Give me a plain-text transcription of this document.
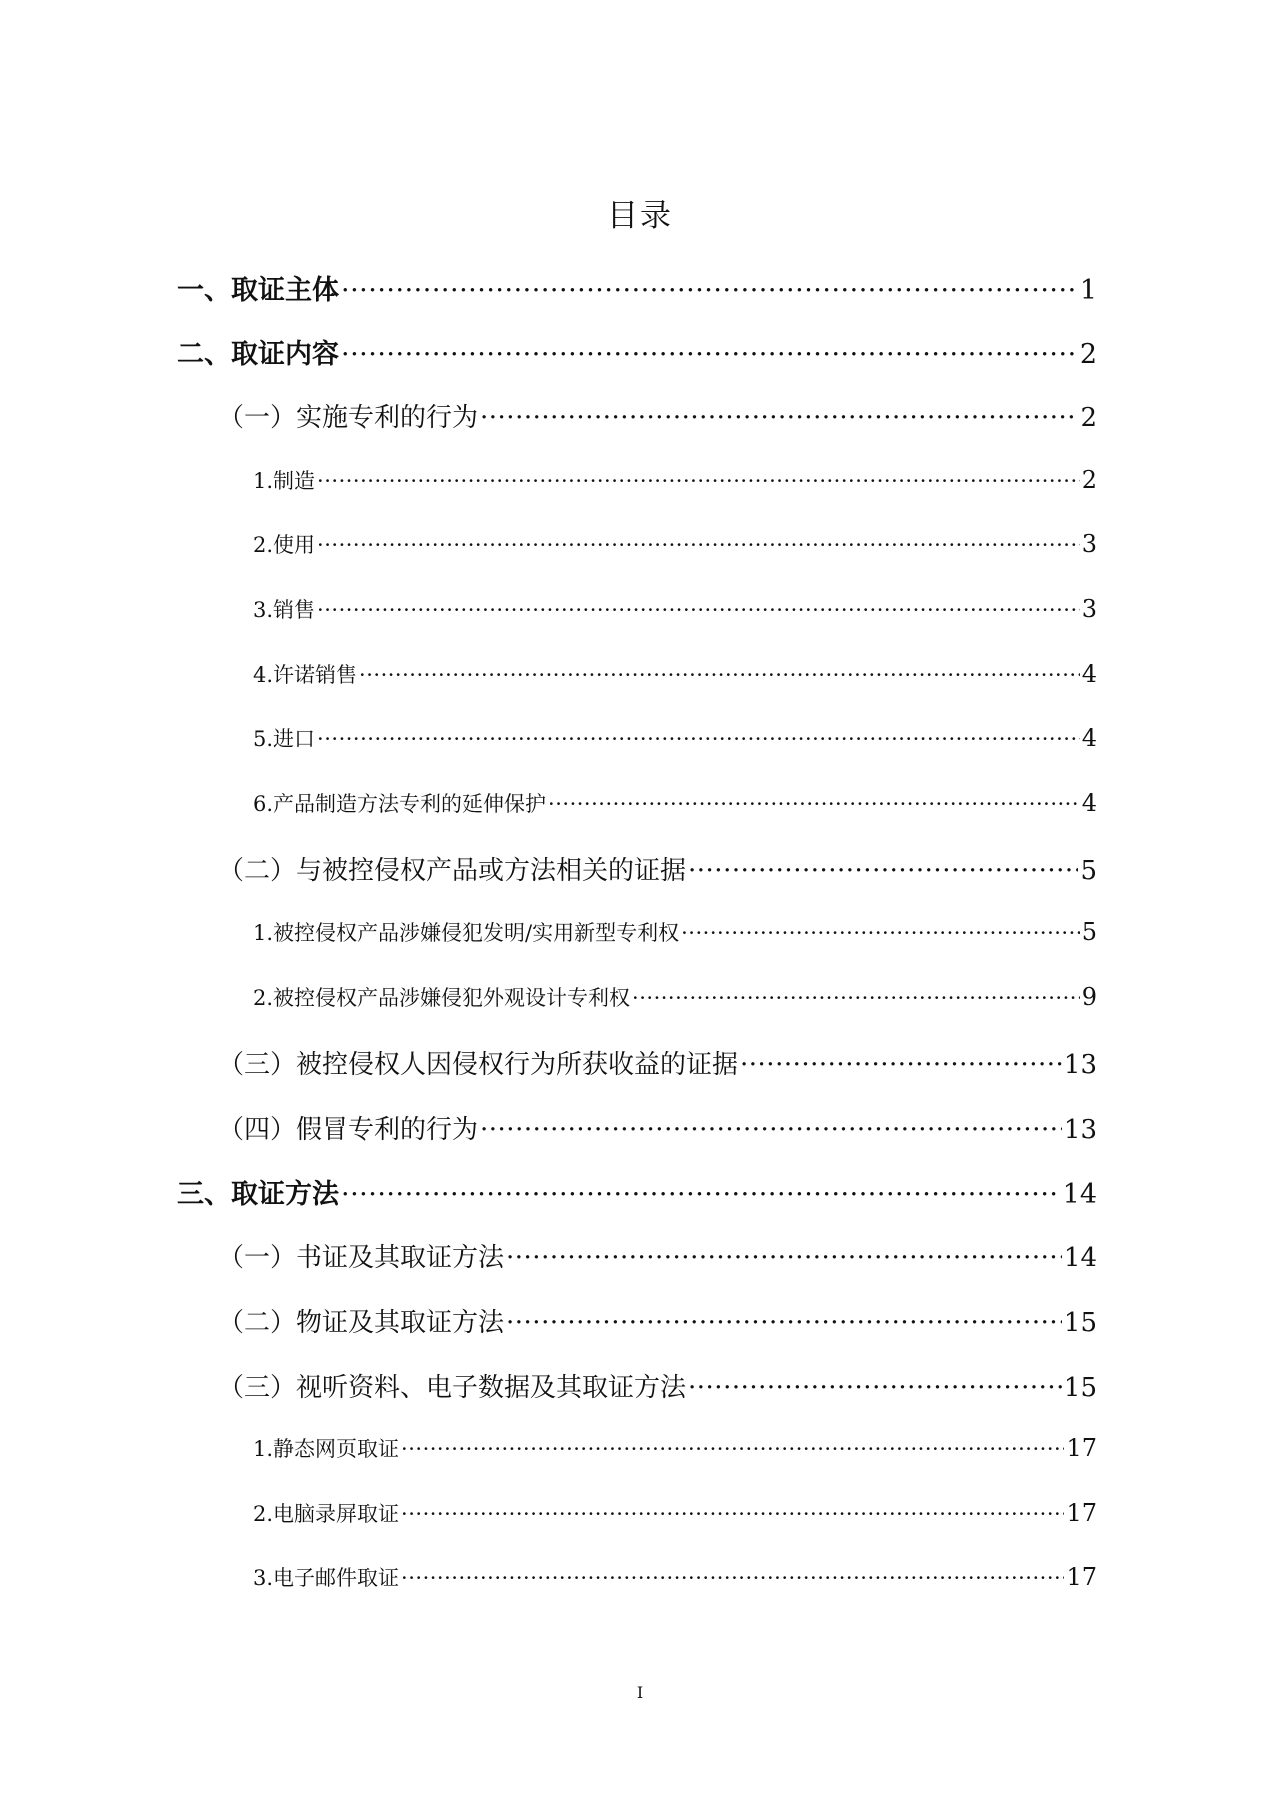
目录
一、取证主体 ·····	1
二、取证内容 ·····	2
（一）实施专利的行为 ·····	2
1.制造 ·····	2
2.使用 ·····	3
3.销售 ·····	3
4.许诺销售 ·····	4
5.进口 ·····	4
6.产品制造方法专利的延伸保护 ·····	4
（二）与被控侵权产品或方法相关的证据 ·····	5
1.被控侵权产品涉嫌侵犯发明/实用新型专利权 ·····	5
2.被控侵权产品涉嫌侵犯外观设计专利权 ·····	9
（三）被控侵权人因侵权行为所获收益的证据 ·····	13
（四）假冒专利的行为 ·····	13
三、取证方法 ·····	14
（一）书证及其取证方法 ·····	14
（二）物证及其取证方法 ·····	15
（三）视听资料、电子数据及其取证方法 ·····	15
1.静态网页取证 ·····	17
2.电脑录屏取证 ·····	17
3.电子邮件取证 ·····	17
I
